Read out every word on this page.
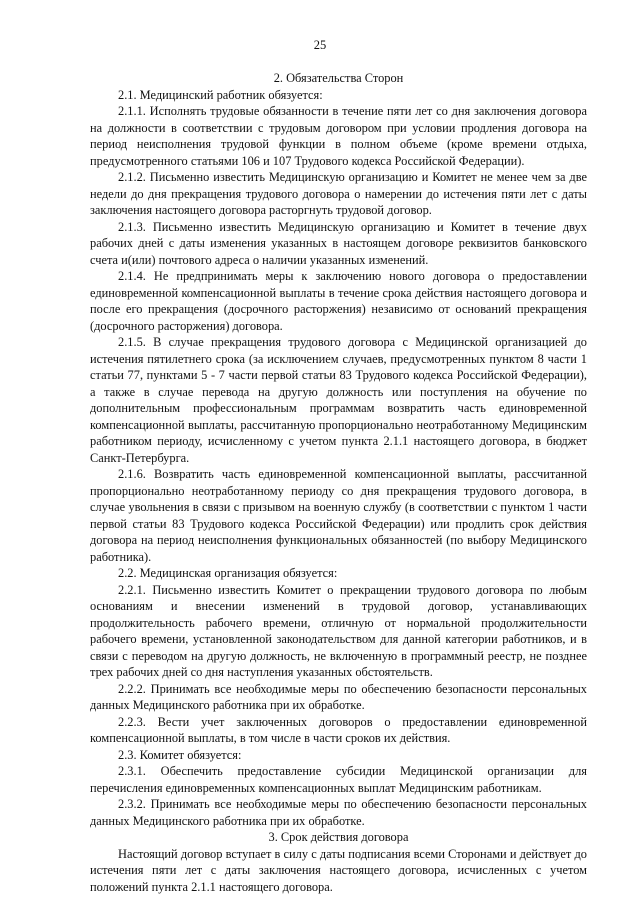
25

2. Обязательства Сторон

2.1. Медицинский работник обязуется:

2.1.1. Исполнять трудовые обязанности в течение пяти лет со дня заключения договора на должности в соответствии с трудовым договором при условии продления договора на период неисполнения трудовой функции в полном объеме (кроме времени отдыха, предусмотренного статьями 106 и 107 Трудового кодекса Российской Федерации).

2.1.2. Письменно известить Медицинскую организацию и Комитет не менее чем за две недели до дня прекращения трудового договора о намерении до истечения пяти лет с даты заключения настоящего договора расторгнуть трудовой договор.

2.1.3. Письменно известить Медицинскую организацию и Комитет в течение двух рабочих дней с даты изменения указанных в настоящем договоре реквизитов банковского счета и(или) почтового адреса о наличии указанных изменений.

2.1.4. Не предпринимать меры к заключению нового договора о предоставлении единовременной компенсационной выплаты в течение срока действия настоящего договора и после его прекращения (досрочного расторжения) независимо от оснований прекращения (досрочного расторжения) договора.

2.1.5. В случае прекращения трудового договора с Медицинской организацией до истечения пятилетнего срока (за исключением случаев, предусмотренных пунктом 8 части 1 статьи 77, пунктами 5 - 7 части первой статьи 83 Трудового кодекса Российской Федерации), а также в случае перевода на другую должность или поступления на обучение по дополнительным профессиональным программам возвратить часть единовременной компенсационной выплаты, рассчитанную пропорционально неотработанному Медицинским работником периоду, исчисленному с учетом пункта 2.1.1 настоящего договора, в бюджет Санкт-Петербурга.

2.1.6. Возвратить часть единовременной компенсационной выплаты, рассчитанной пропорционально неотработанному периоду со дня прекращения трудового договора, в случае увольнения в связи с призывом на военную службу (в соответствии с пунктом 1 части первой статьи 83 Трудового кодекса Российской Федерации) или продлить срок действия договора на период неисполнения функциональных обязанностей (по выбору Медицинского работника).

2.2. Медицинская организация обязуется:

2.2.1. Письменно известить Комитет о прекращении трудового договора по любым основаниям и внесении изменений в трудовой договор, устанавливающих продолжительность рабочего времени, отличную от нормальной продолжительности рабочего времени, установленной законодательством для данной категории работников, и в связи с переводом на другую должность, не включенную в программный реестр, не позднее трех рабочих дней со дня наступления указанных обстоятельств.

2.2.2. Принимать все необходимые меры по обеспечению безопасности персональных данных Медицинского работника при их обработке.

2.2.3. Вести учет заключенных договоров о предоставлении единовременной компенсационной выплаты, в том числе в части сроков их действия.

2.3. Комитет обязуется:

2.3.1. Обеспечить предоставление субсидии Медицинской организации для перечисления единовременных компенсационных выплат Медицинским работникам.

2.3.2. Принимать все необходимые меры по обеспечению безопасности персональных данных Медицинского работника при их обработке.

3. Срок действия договора

Настоящий договор вступает в силу с даты подписания всеми Сторонами и действует до истечения пяти лет с даты заключения настоящего договора, исчисленных с учетом положений пункта 2.1.1 настоящего договора.
